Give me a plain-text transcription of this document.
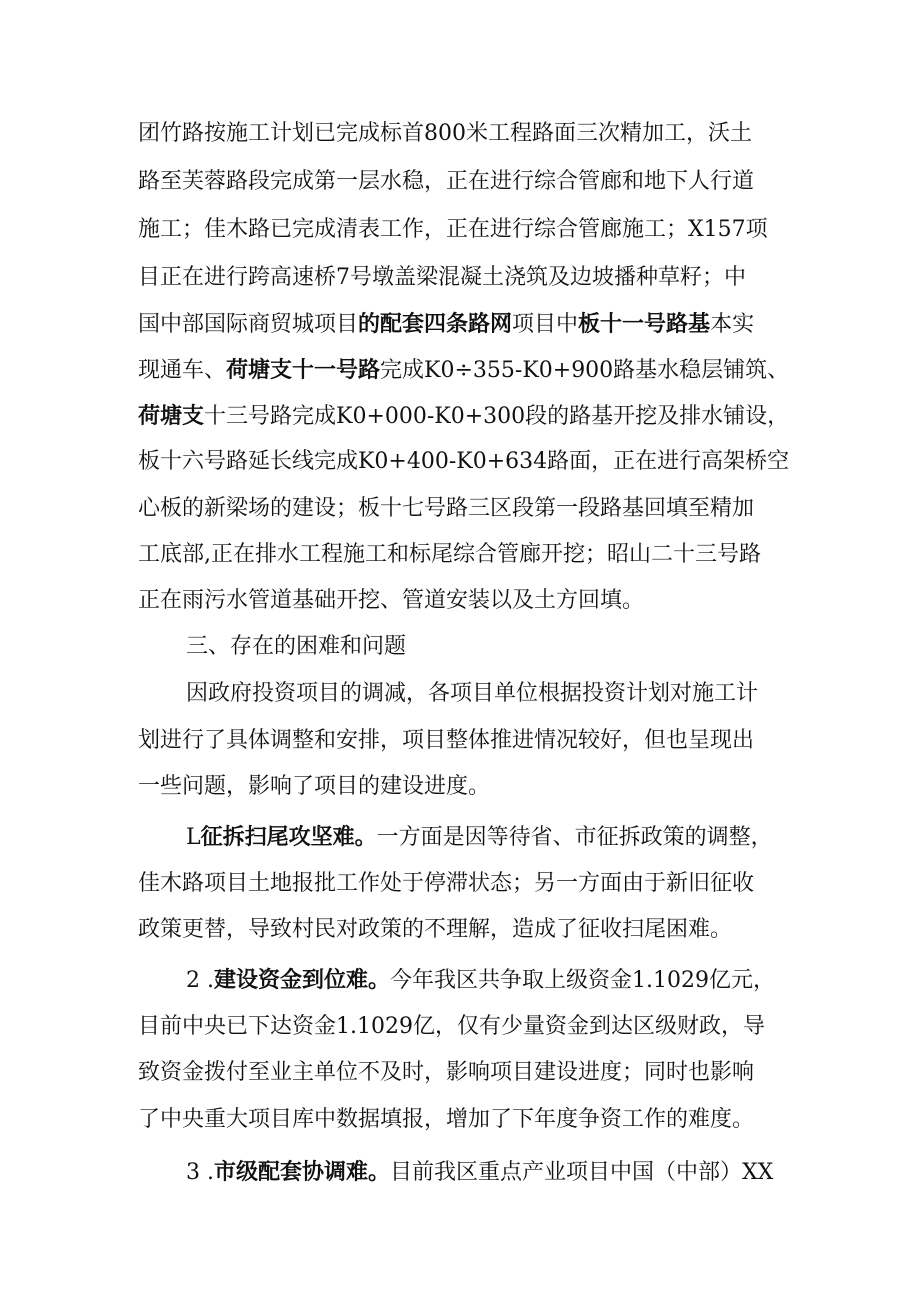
团竹路按施工计划已完成标首800米工程路面三次精加工，沃土
路至芙蓉路段完成第一层水稳，正在进行综合管廊和地下人行道
施工；佳木路已完成清表工作，正在进行综合管廊施工；X157项
目正在进行跨高速桥7号墩盖梁混凝土浇筑及边坡播种草籽；中
国中部国际商贸城项目的配套四条路网项目中板十一号路基本实
现通车、荷塘支十一号路完成K0÷355-K0+900路基水稳层铺筑、
荷塘支十三号路完成K0+000-K0+300段的路基开挖及排水铺设，
板十六号路延长线完成K0+400-K0+634路面，正在进行高架桥空
心板的新梁场的建设；板十七号路三区段第一段路基回填至精加
工底部,正在排水工程施工和标尾综合管廊开挖；昭山二十三号路
正在雨污水管道基础开挖、管道安装以及土方回填。
三、存在的困难和问题
因政府投资项目的调减，各项目单位根据投资计划对施工计
划进行了具体调整和安排，项目整体推进情况较好，但也呈现出
一些问题，影响了项目的建设进度。
L征拆扫尾攻坚难。一方面是因等待省、市征拆政策的调整，
佳木路项目土地报批工作处于停滞状态；另一方面由于新旧征收
政策更替，导致村民对政策的不理解，造成了征收扫尾困难。
2 .建设资金到位难。今年我区共争取上级资金1.1029亿元，
目前中央已下达资金1.1029亿，仅有少量资金到达区级财政，导
致资金拨付至业主单位不及时，影响项目建设进度；同时也影响
了中央重大项目库中数据填报，增加了下年度争资工作的难度。
3 .市级配套协调难。目前我区重点产业项目中国（中部）XX
